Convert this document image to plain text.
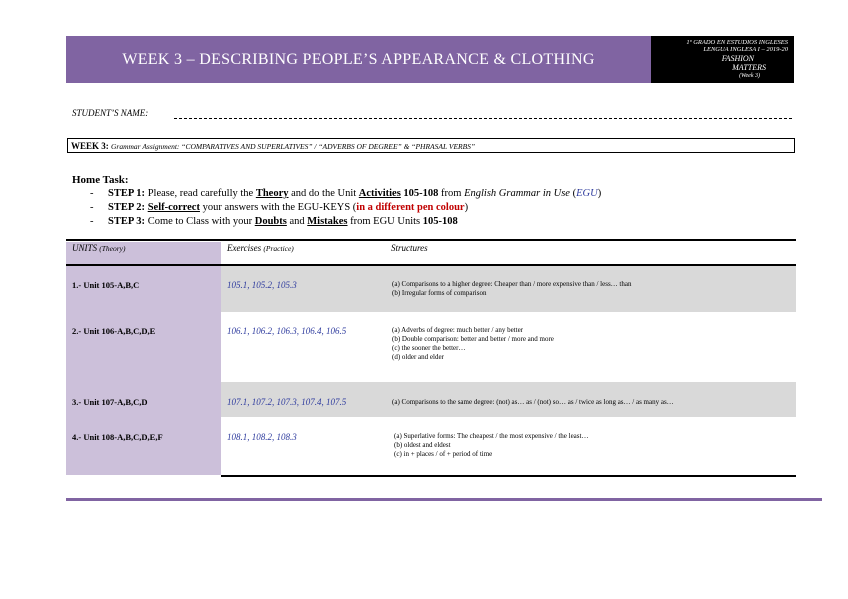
WEEK 3 – DESCRIBING PEOPLE’S APPEARANCE & CLOTHING
1º GRADO EN ESTUDIOS INGLESES
LENGUA INGLESA I – 2019-20
FASHION
MATTERS
(Week 3)
STUDENT’S NAME:
WEEK 3: Grammar Assignment: “COMPARATIVES AND SUPERLATIVES” / “ADVERBS OF DEGREE” & “PHRASAL VERBS”
Home Task:
- STEP 1: Please, read carefully the Theory and do the Unit Activities 105-108 from English Grammar in Use (EGU)
- STEP 2: Self-correct your answers with the EGU-KEYS (in a different pen colour)
- STEP 3: Come to Class with your Doubts and Mistakes from EGU Units 105-108
UNITS (Theory)	Exercises (Practice)	Structures
1.- Unit 105-A,B,C	105.1, 105.2, 105.3	(a) Comparisons to a higher degree: Cheaper than / more expensive than / less… than
(b) Irregular forms of comparison
2.- Unit 106-A,B,C,D,E	106.1, 106.2, 106.3, 106.4, 106.5	(a) Adverbs of degree: much better / any better
(b) Double comparison: better and better / more and more
(c) the sooner the better…
(d) older and elder
3.- Unit 107-A,B,C,D	107.1, 107.2, 107.3, 107.4, 107.5	(a) Comparisons to the same degree: (not) as… as / (not) so… as / twice as long as… / as many as…
4.- Unit 108-A,B,C,D,E,F	108.1, 108.2, 108.3	(a) Superlative forms: The cheapest / the most expensive / the least…
(b) oldest and eldest
(c) in + places / of + period of time
